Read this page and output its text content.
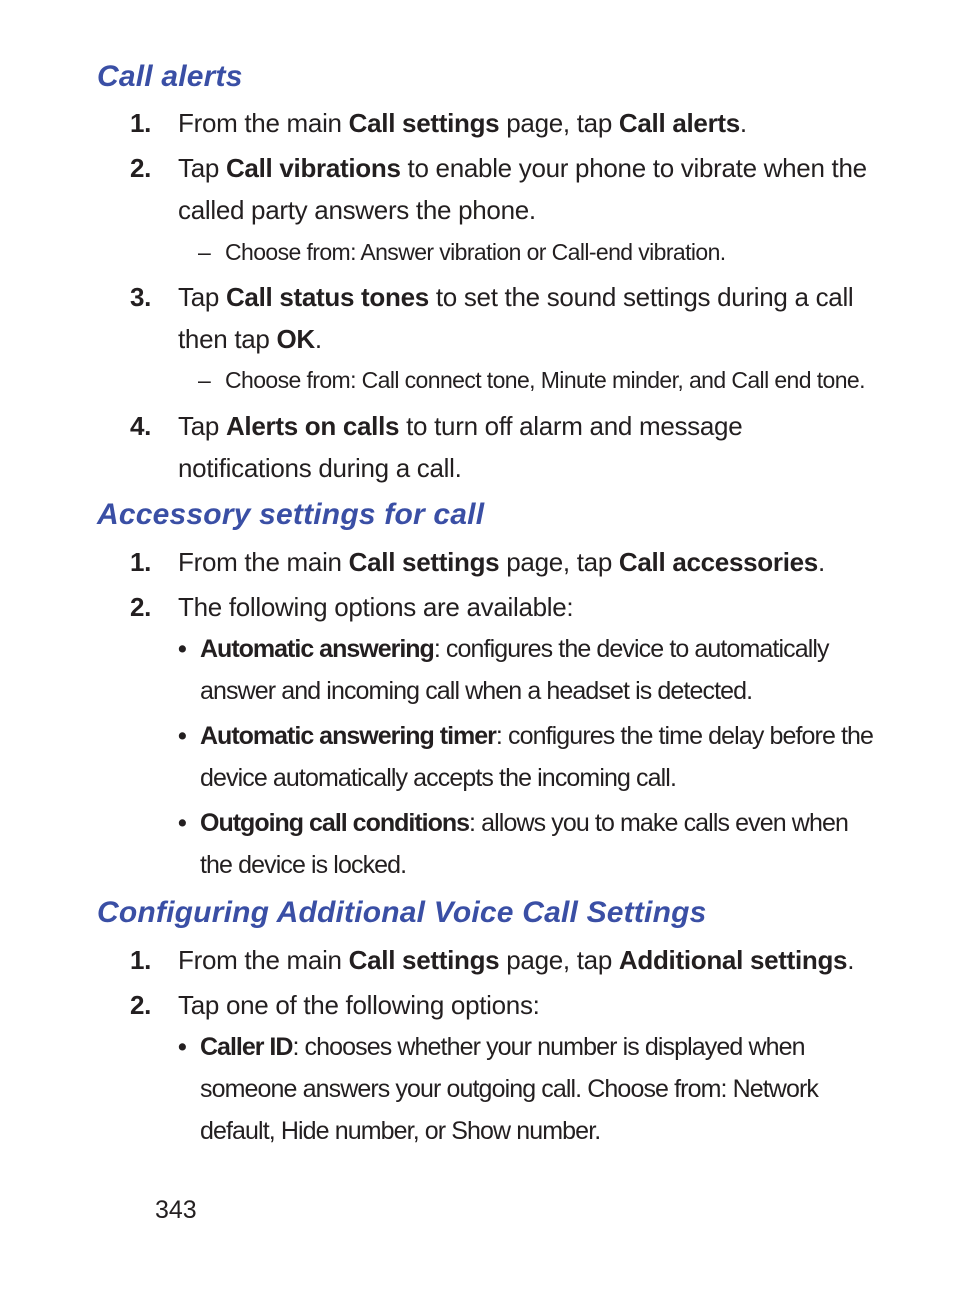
Call alerts
1. From the main Call settings page, tap Call alerts.
2. Tap Call vibrations to enable your phone to vibrate when the called party answers the phone.
– Choose from: Answer vibration or Call-end vibration.
3. Tap Call status tones to set the sound settings during a call then tap OK.
– Choose from: Call connect tone, Minute minder, and Call end tone.
4. Tap Alerts on calls to turn off alarm and message notifications during a call.
Accessory settings for call
1. From the main Call settings page, tap Call accessories.
2. The following options are available:
• Automatic answering: configures the device to automatically answer and incoming call when a headset is detected.
• Automatic answering timer: configures the time delay before the device automatically accepts the incoming call.
• Outgoing call conditions: allows you to make calls even when the device is locked.
Configuring Additional Voice Call Settings
1. From the main Call settings page, tap Additional settings.
2. Tap one of the following options:
• Caller ID: chooses whether your number is displayed when someone answers your outgoing call. Choose from: Network default, Hide number, or Show number.
343
